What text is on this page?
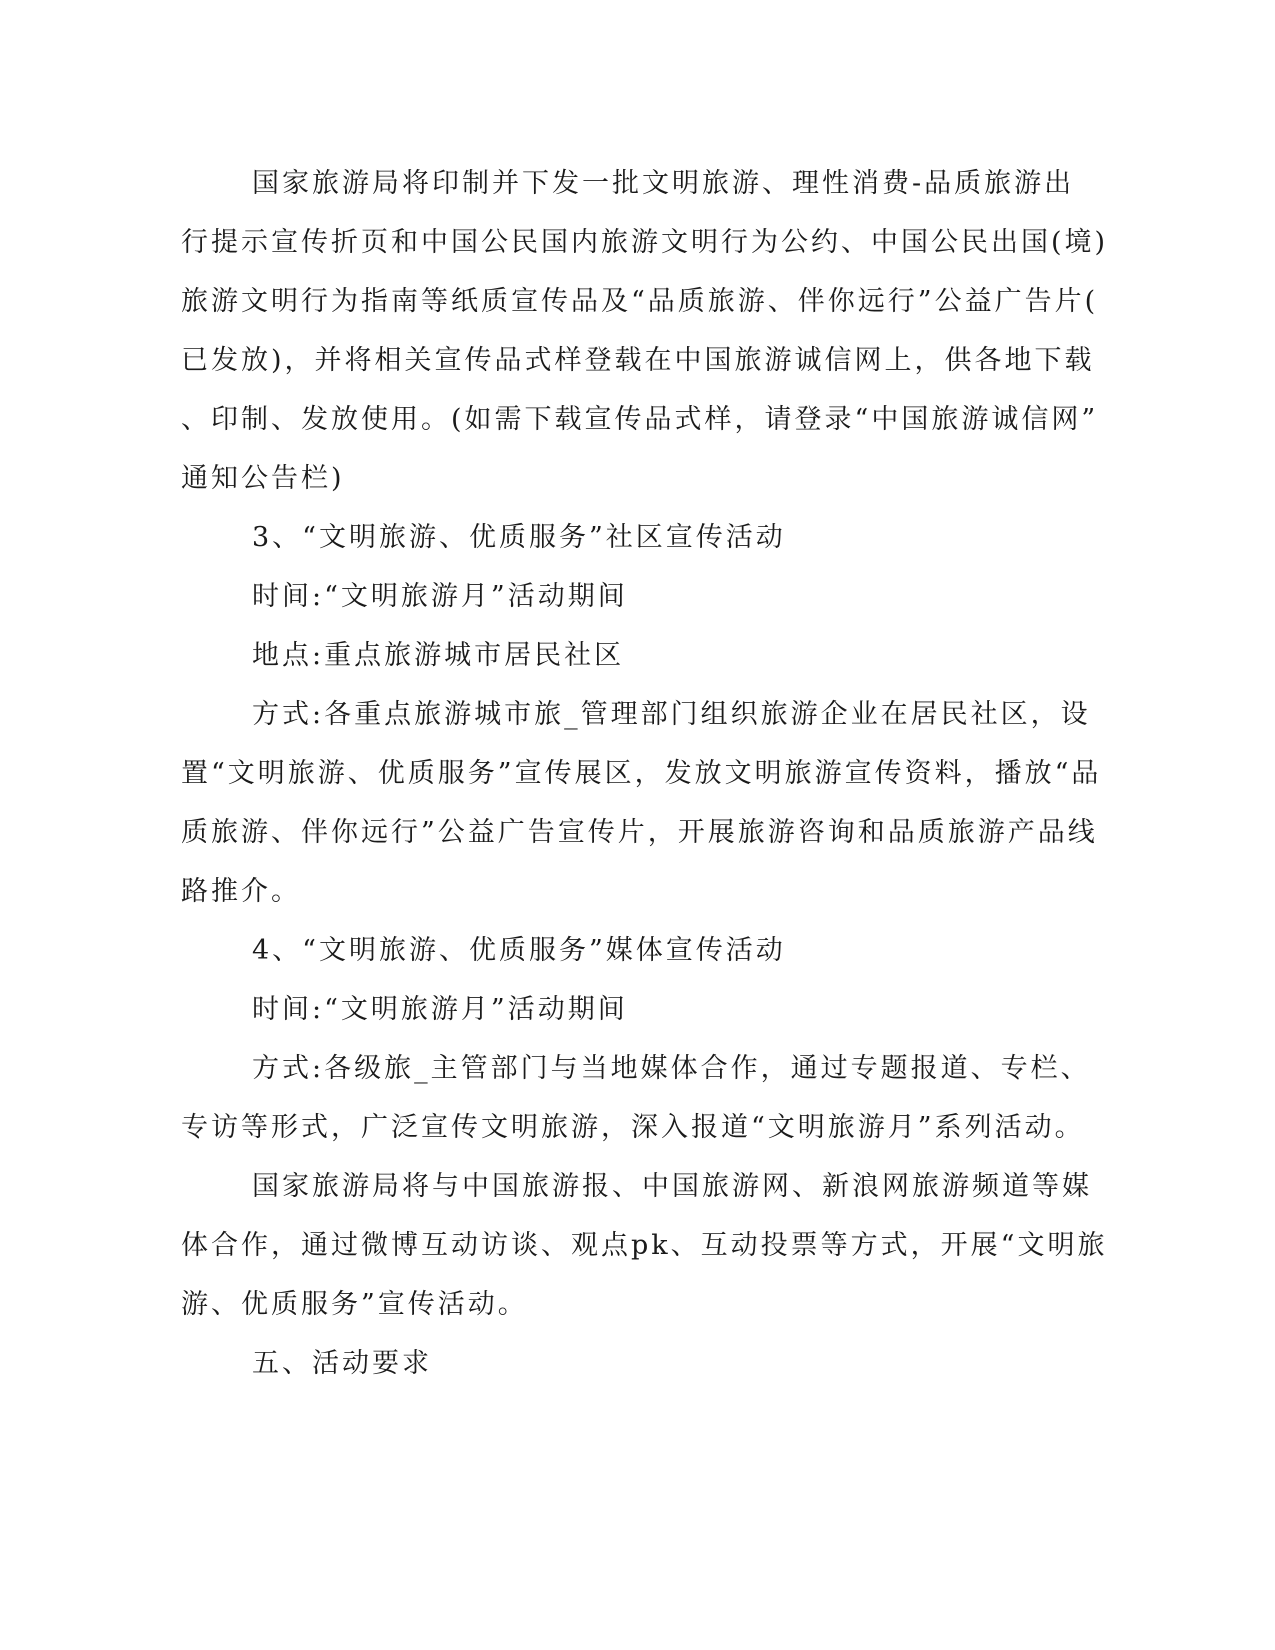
国家旅游局将印制并下发一批文明旅游、理性消费-品质旅游出
行提示宣传折页和中国公民国内旅游文明行为公约、中国公民出国(境)
旅游文明行为指南等纸质宣传品及“品质旅游、伴你远行”公益广告片(
已发放)，并将相关宣传品式样登载在中国旅游诚信网上，供各地下载
、印制、发放使用。(如需下载宣传品式样，请登录“中国旅游诚信网”
通知公告栏)
3、“文明旅游、优质服务”社区宣传活动
时间:“文明旅游月”活动期间
地点:重点旅游城市居民社区
方式:各重点旅游城市旅_管理部门组织旅游企业在居民社区，设
置“文明旅游、优质服务”宣传展区，发放文明旅游宣传资料，播放“品
质旅游、伴你远行”公益广告宣传片，开展旅游咨询和品质旅游产品线
路推介。
4、“文明旅游、优质服务”媒体宣传活动
时间:“文明旅游月”活动期间
方式:各级旅_主管部门与当地媒体合作，通过专题报道、专栏、
专访等形式，广泛宣传文明旅游，深入报道“文明旅游月”系列活动。
国家旅游局将与中国旅游报、中国旅游网、新浪网旅游频道等媒
体合作，通过微博互动访谈、观点pk、互动投票等方式，开展“文明旅
游、优质服务”宣传活动。
五、活动要求
